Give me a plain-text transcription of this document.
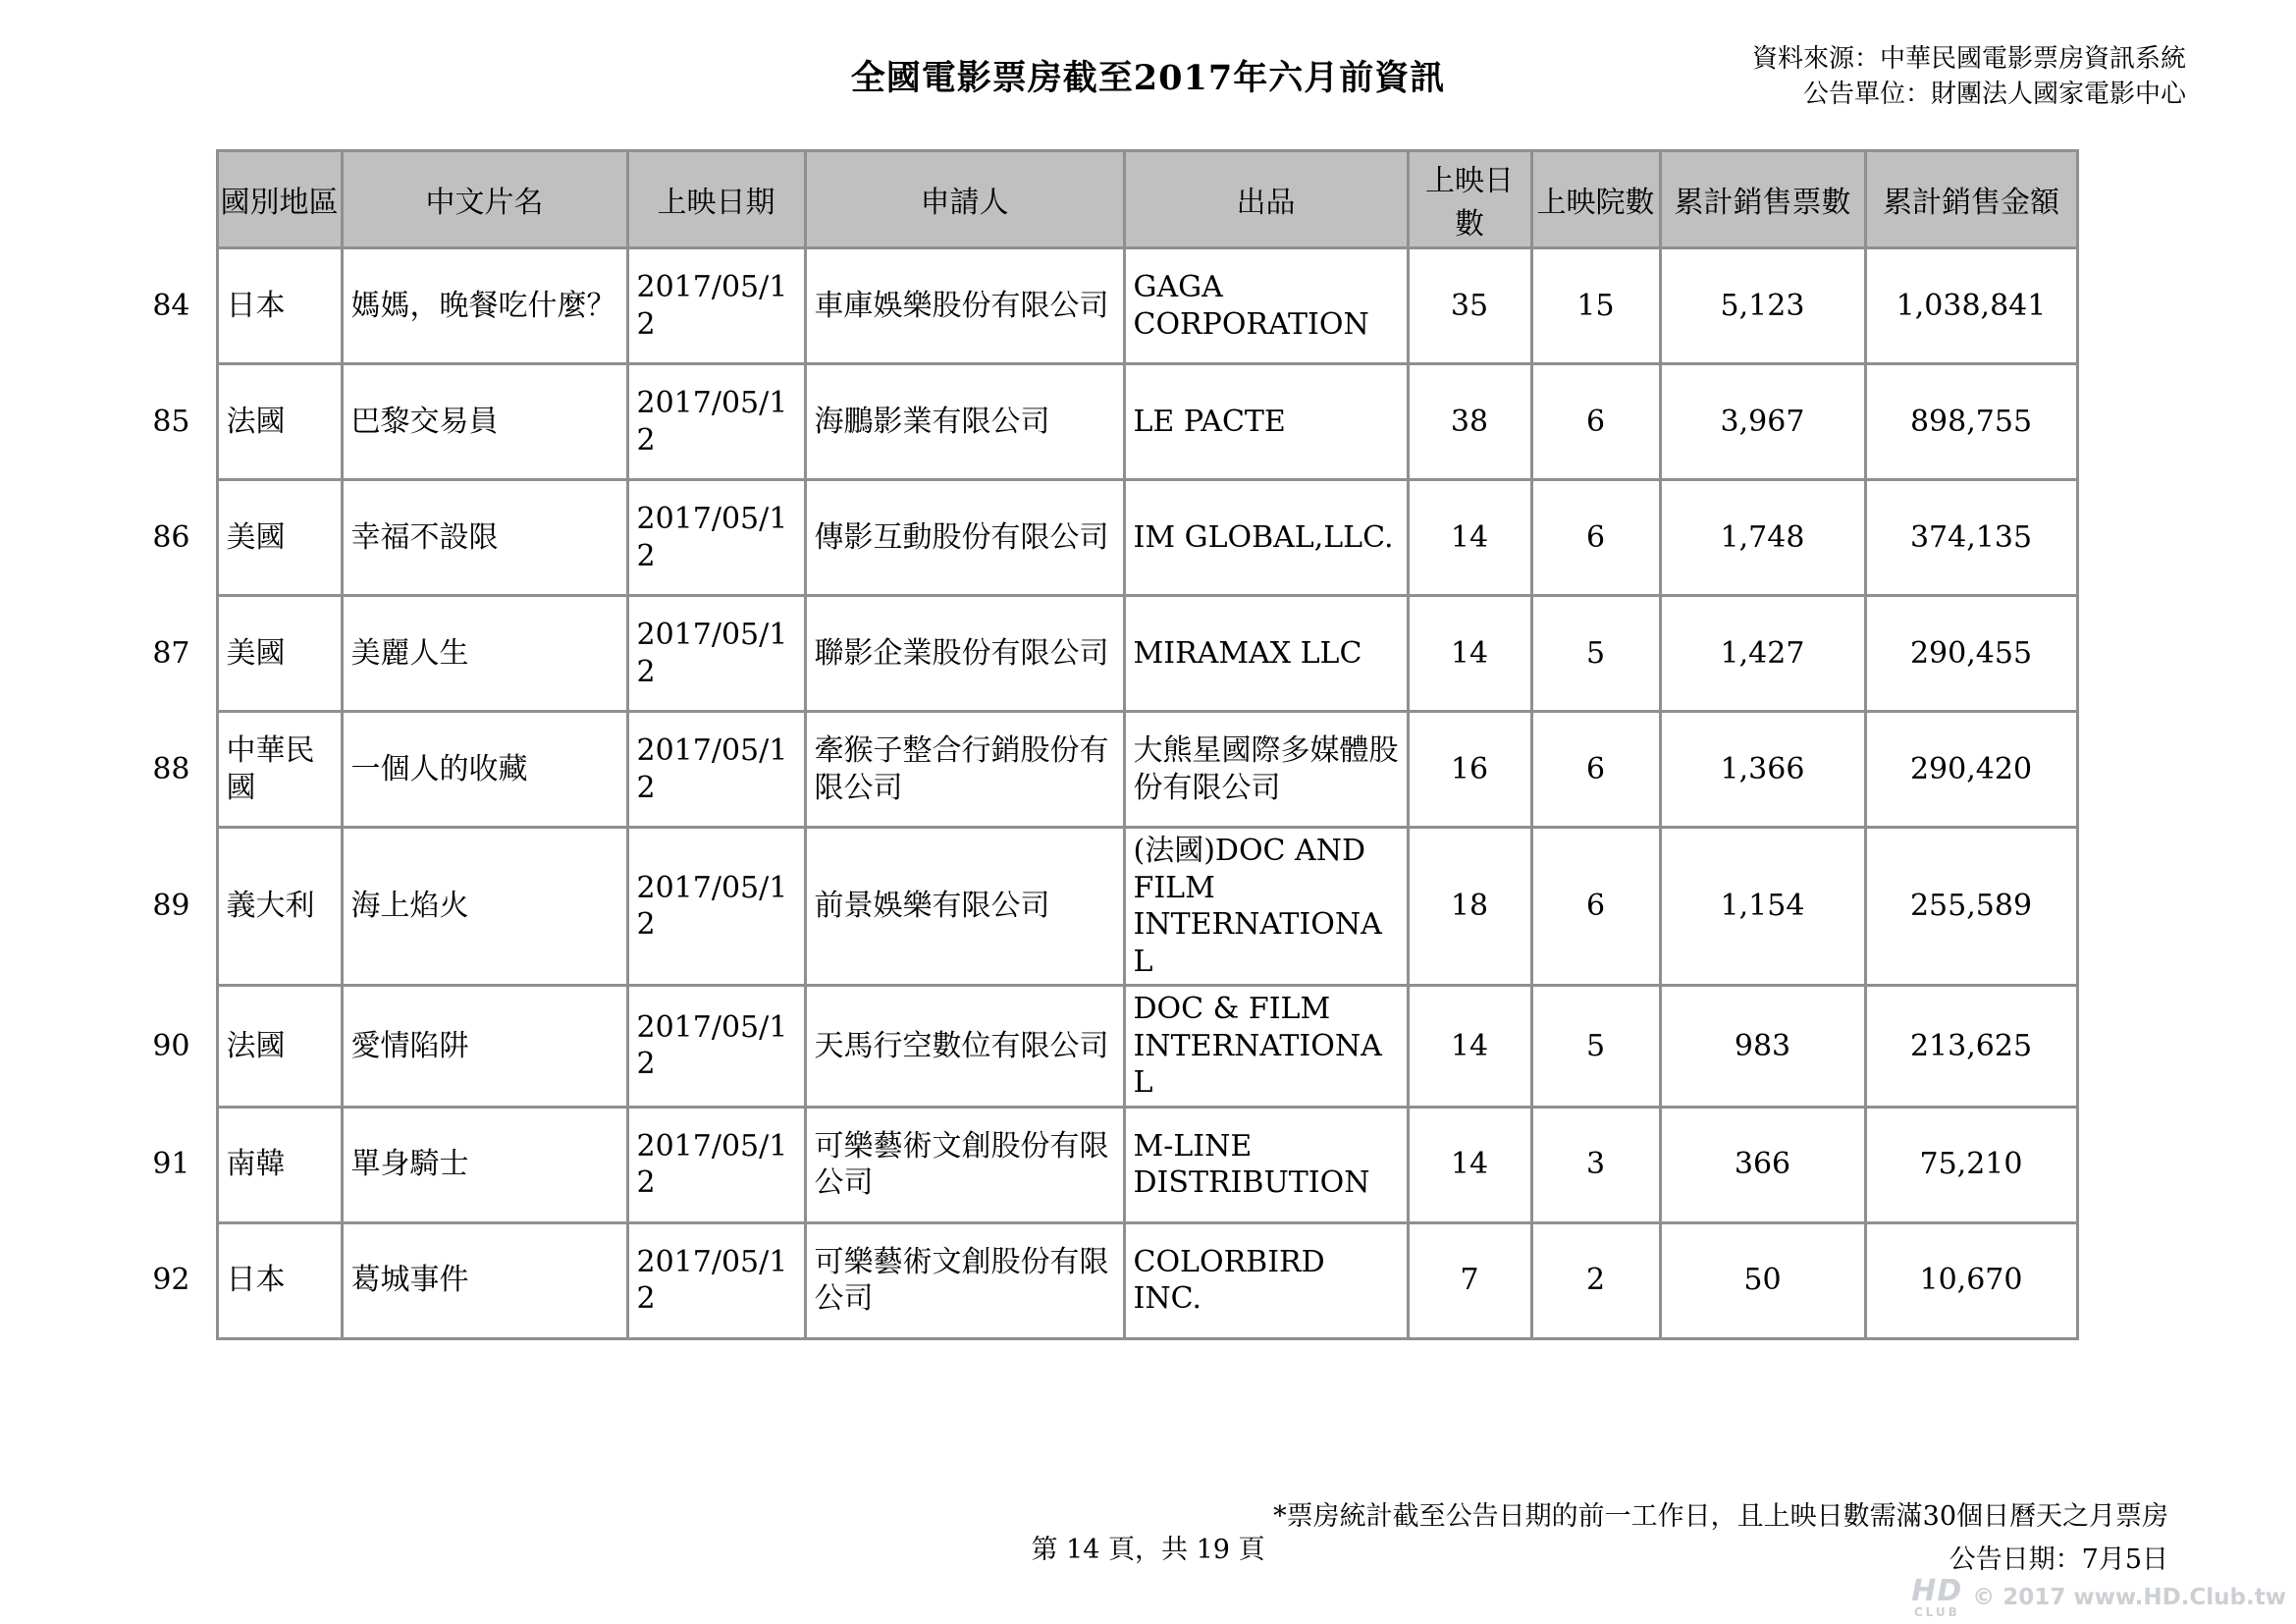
全國電影票房截至2017年六月前資訊	資料來源：中華民國電影票房資訊系統
公告單位：財團法人國家電影中心
	國別地區	中文片名	上映日期	申請人	出品	上映日數	上映院數	累計銷售票數	累計銷售金額
84	日本	媽媽，晚餐吃什麼？	2017/05/12	車庫娛樂股份有限公司	GAGA CORPORATION	35	15	5,123	1,038,841
85	法國	巴黎交易員	2017/05/12	海鵬影業有限公司	LE PACTE	38	6	3,967	898,755
86	美國	幸福不設限	2017/05/12	傳影互動股份有限公司	IM GLOBAL,LLC.	14	6	1,748	374,135
87	美國	美麗人生	2017/05/12	聯影企業股份有限公司	MIRAMAX LLC	14	5	1,427	290,455
88	中華民國	一個人的收藏	2017/05/12	牽猴子整合行銷股份有限公司	大熊星國際多媒體股份有限公司	16	6	1,366	290,420
89	義大利	海上焰火	2017/05/12	前景娛樂有限公司	(法國)DOC AND FILM INTERNATIONAL	18	6	1,154	255,589
90	法國	愛情陷阱	2017/05/12	天馬行空數位有限公司	DOC & FILM INTERNATIONAL	14	5	983	213,625
91	南韓	單身騎士	2017/05/12	可樂藝術文創股份有限公司	M-LINE DISTRIBUTION	14	3	366	75,210
92	日本	葛城事件	2017/05/12	可樂藝術文創股份有限公司	COLORBIRD INC.	7	2	50	10,670
第 14 頁，共 19 頁
*票房統計截至公告日期的前一工作日，且上映日數需滿30個日曆天之月票房
公告日期：7月5日
HD
CLUB
© 2017 www.HD.Club.tw
